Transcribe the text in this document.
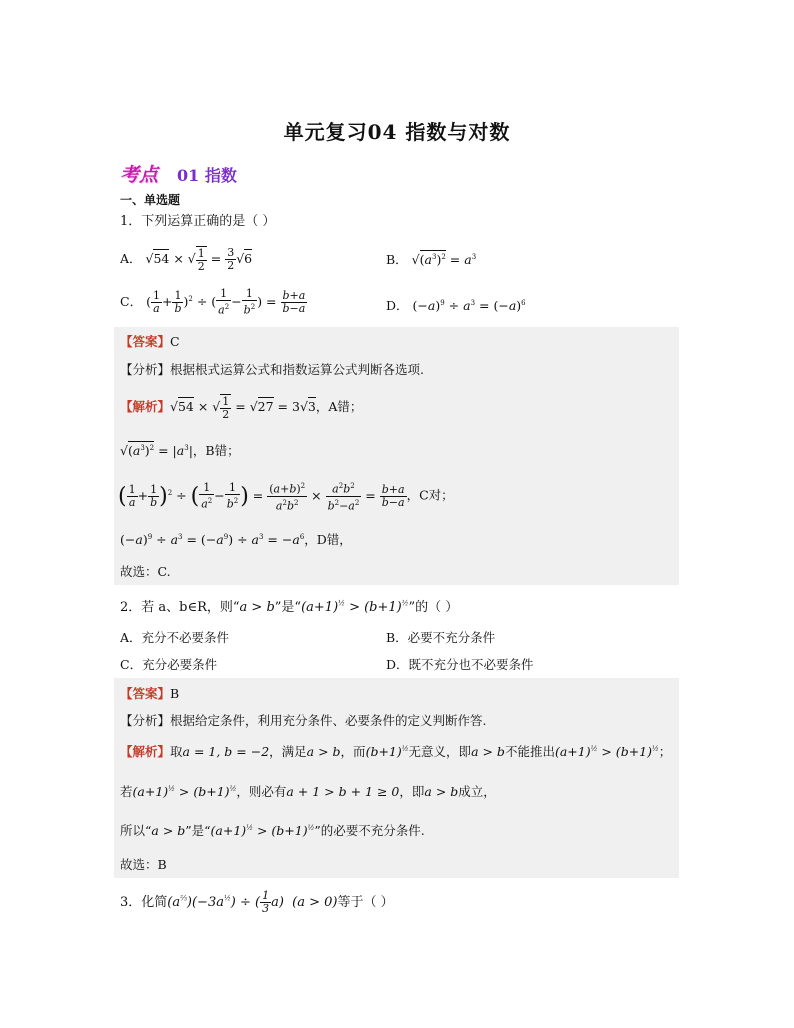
单元复习04 指数与对数
考点 01 指数
一、单选题
1．下列运算正确的是（ ）
A． √54 × √ $\frac{1}{2} = \frac{3}{2} √6$	B． $√(a^3)^2 = a^3$
C． ( $\frac{1}{a} + \frac{1}{b} )^2$ ÷ ( $\frac{1}{a^2} - \frac{1}{b^2}$ ) = $\frac{b+a}{b-a}$	D． $(-a)^9 \div a^3 = (-a)^6$
【答案】C
【分析】根据根式运算公式和指数运算公式判断各选项.
【解析】√54 × √ $\frac{1}{2} = √27 = 3√3$，A错；
$√(a^3)^2 = |a^3|$，B错；
( $\frac{1}{a} + \frac{1}{b} )^2$ ÷ ( $\frac{1}{a^2} - \frac{1}{b^2}$ ) = $\frac{(a+b)^2}{a^2b^2} \times \frac{a^2b^2}{b^2-a^2} = \frac{b+a}{b-a}$ ，C对；
$(-a)^9 \div a^3 = (-a^9) \div a^3 = -a^6$，D错，
故选：C.
2．若 a、b∈R，则“a > b”是“$(a+1)^{\frac{1}{2}} > (b+1)^{\frac{1}{2}}$”的（ ）
A．充分不必要条件	B．必要不充分条件
C．充分必要条件	D．既不充分也不必要条件
【答案】B
【分析】根据给定条件，利用充分条件、必要条件的定义判断作答.
【解析】取a = 1, b = −2，满足a > b，而$(b+1)^{\frac{1}{2}}$无意义，即a > b不能推出$(a+1)^{\frac{1}{2}} > (b+1)^{\frac{1}{2}}$；
若$(a+1)^{\frac{1}{2}} > (b+1)^{\frac{1}{2}}$，则必有a + 1 > b + 1 ≥ 0，即a > b成立，
所以“a > b”是“$(a+1)^{\frac{1}{2}} > (b+1)^{\frac{1}{2}}$”的必要不充分条件.
故选：B
3．化简$(a^{\frac{2}{3}})(-3a^{\frac{1}{2}})$ ÷ ( $\frac{1}{3} a$) (a > 0)等于（ ）
